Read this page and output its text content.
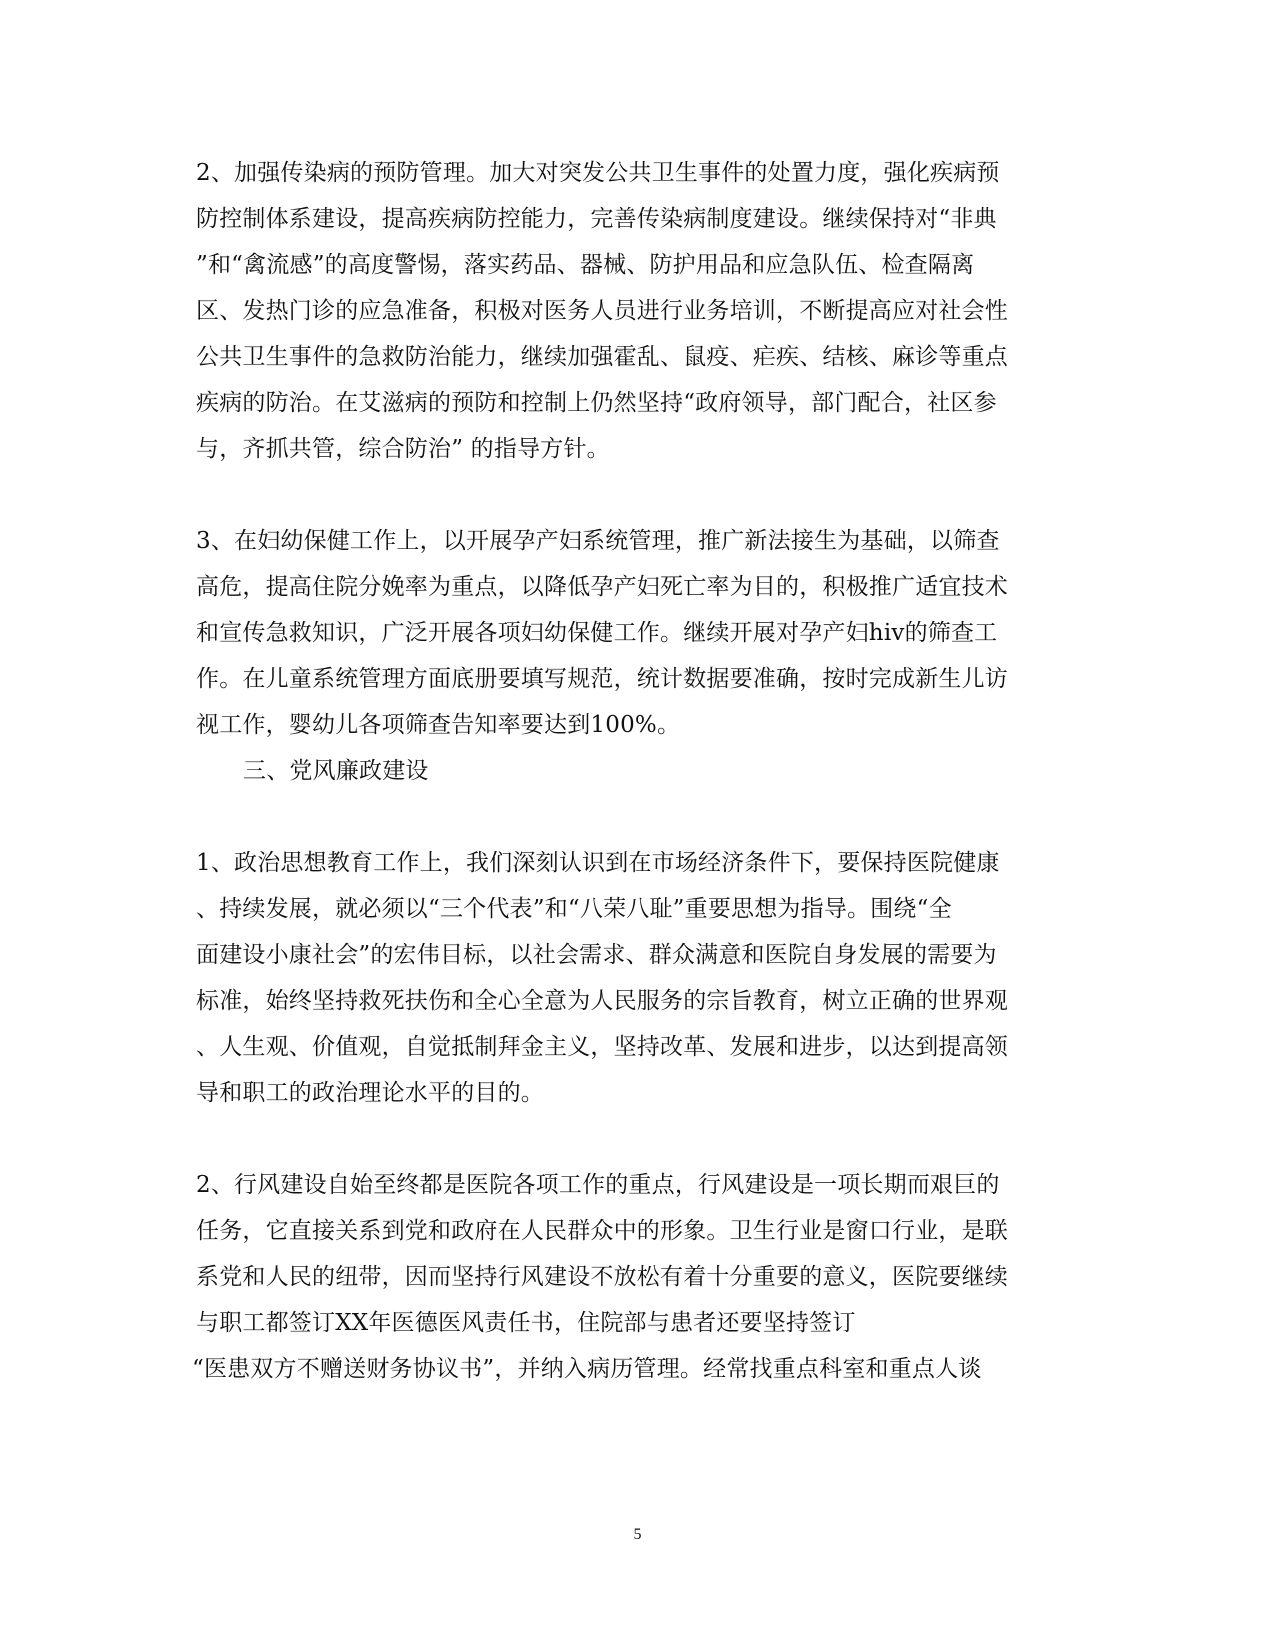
2、加强传染病的预防管理。加大对突发公共卫生事件的处置力度，强化疾病预
防控制体系建设，提高疾病防控能力，完善传染病制度建设。继续保持对“非典
”和“禽流感”的高度警惕，落实药品、器械、防护用品和应急队伍、检查隔离
区、发热门诊的应急准备，积极对医务人员进行业务培训，不断提高应对社会性
公共卫生事件的急救防治能力，继续加强霍乱、鼠疫、疟疾、结核、麻诊等重点
疾病的防治。在艾滋病的预防和控制上仍然坚持“政府领导，部门配合，社区参
与，齐抓共管，综合防治” 的指导方针。
3、在妇幼保健工作上，以开展孕产妇系统管理，推广新法接生为基础，以筛查
高危，提高住院分娩率为重点，以降低孕产妇死亡率为目的，积极推广适宜技术
和宣传急救知识，广泛开展各项妇幼保健工作。继续开展对孕产妇hiv的筛查工
作。在儿童系统管理方面底册要填写规范，统计数据要准确，按时完成新生儿访
视工作，婴幼儿各项筛查告知率要达到100%。
三、党风廉政建设
1、政治思想教育工作上，我们深刻认识到在市场经济条件下，要保持医院健康
、持续发展，就必须以“三个代表”和“八荣八耻”重要思想为指导。围绕“全
面建设小康社会”的宏伟目标，以社会需求、群众满意和医院自身发展的需要为
标准，始终坚持救死扶伤和全心全意为人民服务的宗旨教育，树立正确的世界观
、人生观、价值观，自觉抵制拜金主义，坚持改革、发展和进步，以达到提高领
导和职工的政治理论水平的目的。
2、行风建设自始至终都是医院各项工作的重点，行风建设是一项长期而艰巨的
任务，它直接关系到党和政府在人民群众中的形象。卫生行业是窗口行业，是联
系党和人民的纽带，因而坚持行风建设不放松有着十分重要的意义，医院要继续
与职工都签订XX年医德医风责任书，住院部与患者还要坚持签订
“医患双方不赠送财务协议书”，并纳入病历管理。经常找重点科室和重点人谈
5
